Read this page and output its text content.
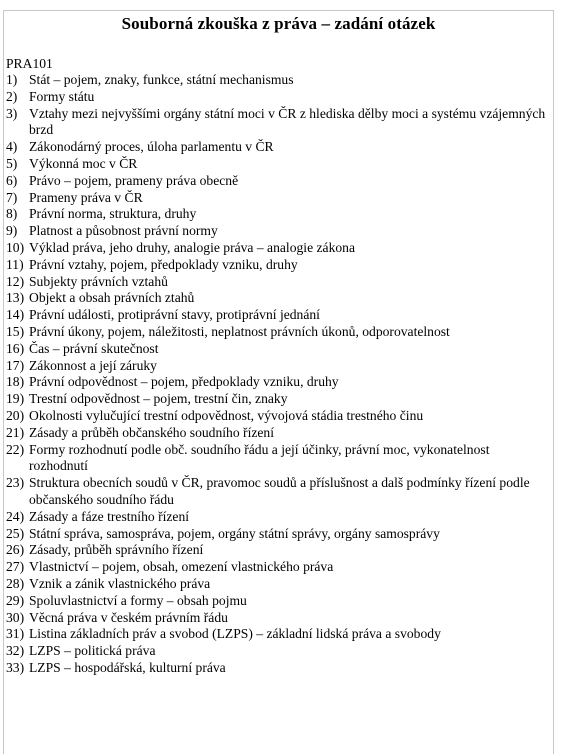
Souborná zkouška z práva – zadání otázek
PRA101
1) Stát – pojem, znaky, funkce, státní mechanismus
2) Formy státu
3) Vztahy mezi nejvyššími orgány státní moci v ČR z hlediska dělby moci a systému vzájemných brzd
4) Zákonodárný proces, úloha parlamentu v ČR
5) Výkonná moc v ČR
6) Právo – pojem, prameny práva obecně
7) Prameny práva v ČR
8) Právní norma, struktura, druhy
9) Platnost a působnost právní normy
10) Výklad práva, jeho druhy, analogie práva – analogie zákona
11) Právní vztahy, pojem, předpoklady vzniku, druhy
12) Subjekty právních vztahů
13) Objekt a obsah právních ztahů
14) Právní události, protiprávní stavy, protiprávní jednání
15) Právní úkony, pojem, náležitosti, neplatnost právních úkonů, odporovatelnost
16) Čas – právní skutečnost
17) Zákonnost a její záruky
18) Právní odpovědnost – pojem, předpoklady vzniku, druhy
19) Trestní odpovědnost – pojem, trestní čin, znaky
20) Okolnosti vylučující trestní odpovědnost, vývojová stádia trestného činu
21) Zásady a průběh občanského soudního řízení
22) Formy rozhodnutí podle obč. soudního řádu a její účinky, právní moc, vykonatelnost rozhodnutí
23) Struktura obecních soudů v ČR, pravomoc soudů a příslušnost a dalš podmínky řízení podle občanského soudního řádu
24) Zásady a fáze trestního řízení
25) Státní správa, samospráva, pojem, orgány státní správy, orgány samosprávy
26) Zásady, průběh správního řízení
27) Vlastnictví – pojem, obsah, omezení vlastnického práva
28) Vznik a zánik vlastnického práva
29) Spoluvlastnictví a formy – obsah pojmu
30) Věcná práva v českém právním řádu
31) Listina základních práv a svobod (LZPS) – základní lidská práva a svobody
32) LZPS – politická práva
33) LZPS – hospodářská, kulturní práva
